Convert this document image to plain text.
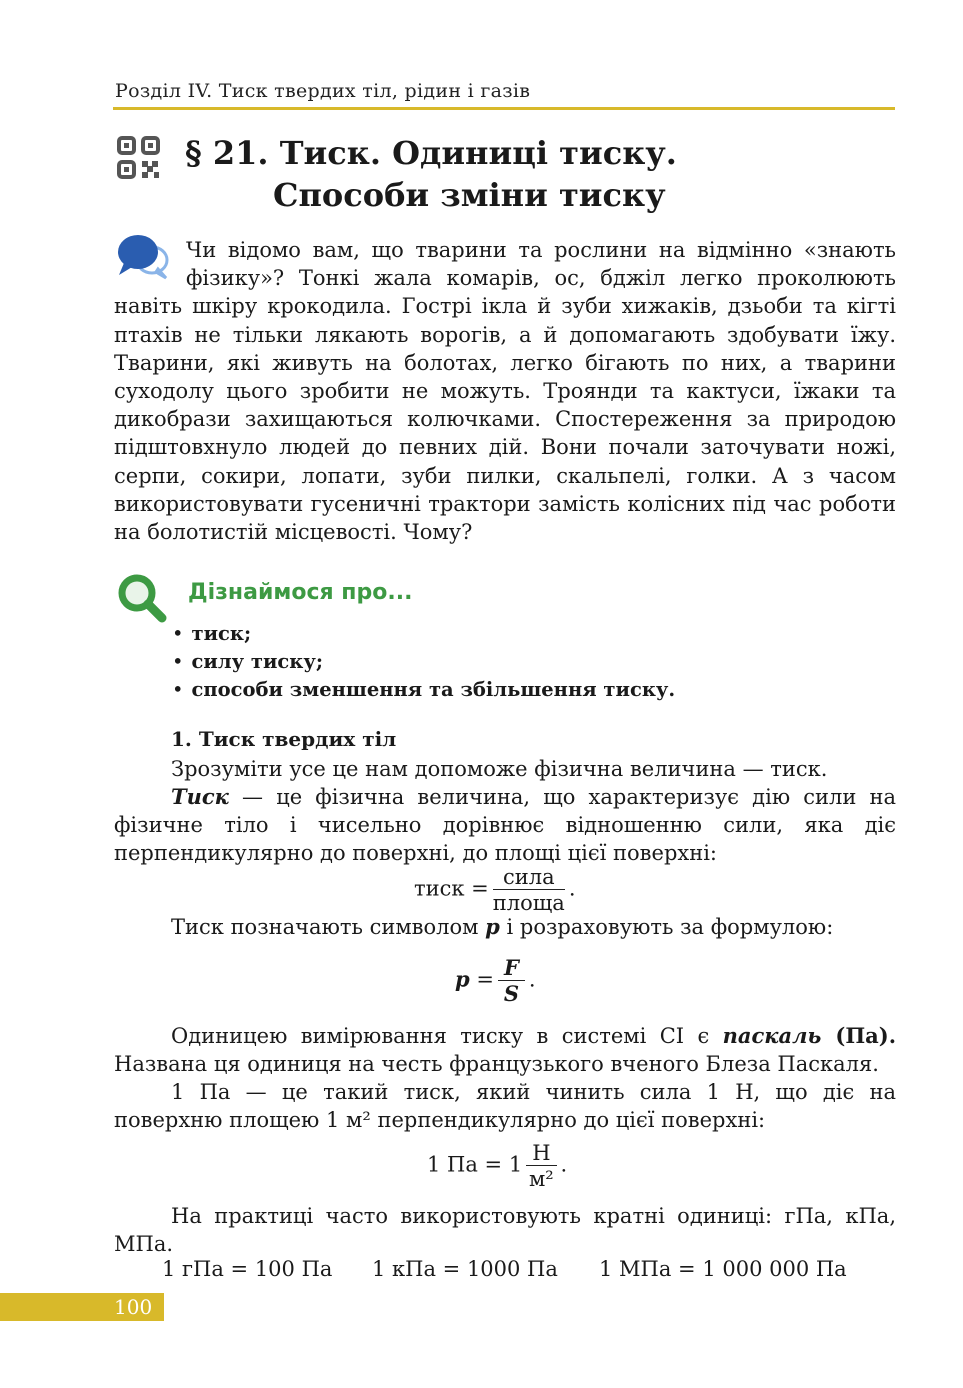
Розділ IV. Тиск твердих тіл, рідин і газів
§ 21. Тиск. Одиниці тиску.
Способи зміни тиску
Чи відомо вам, що тварини та рослини на відмінно «знають фізику»? Тонкі жала комарів, ос, бджіл легко проколюють навіть шкіру крокодила. Гострі ікла й зуби хижаків, дзьоби та кігті птахів не тільки лякають ворогів, а й допомагають здобувати їжу. Тварини, які живуть на болотах, легко бігають по них, а тварини суходолу цього зробити не можуть. Троянди та кактуси, їжаки та дикобрази захищаються колючками. Спостереження за природою підштовхнуло людей до певних дій. Вони почали заточувати ножі, серпи, сокири, лопати, зуби пилки, скальпелі, голки. А з часом використовувати гусеничні трактори замість колісних під час роботи на болотистій місцевості. Чому?
Дізнаймося про...
• тиск;
• силу тиску;
• способи зменшення та збільшення тиску.
1. Тиск твердих тіл
Зрозуміти усе це нам допоможе фізична величина — тиск.
Тиск — це фізична величина, що характеризує дію сили на фізичне тіло і чисельно дорівнює відношенню сили, яка діє перпендикулярно до поверхні, до площі цієї поверхні:
тиск = $\frac{\text{сила}}{\text{площа}}$ .
Тиск позначають символом p і розраховують за формулою:
$p = \frac{F}{S}$ .
Одиницею вимірювання тиску в системі СІ є паскаль (Па).
Названа ця одиниця на честь французького вченого Блеза Паскаля.
1 Па — це такий тиск, який чинить сила 1 Н, що діє на поверхню площею 1 м² перпендикулярно до цієї поверхні:
1 Па = $1 \frac{Н}{\text{м²}}$ .
На практиці часто використовують кратні одиниці: гПа, кПа, МПа.
1 гПа = 100 Па 1 кПа = 1000 Па 1 МПа = 1 000 000 Па
100
